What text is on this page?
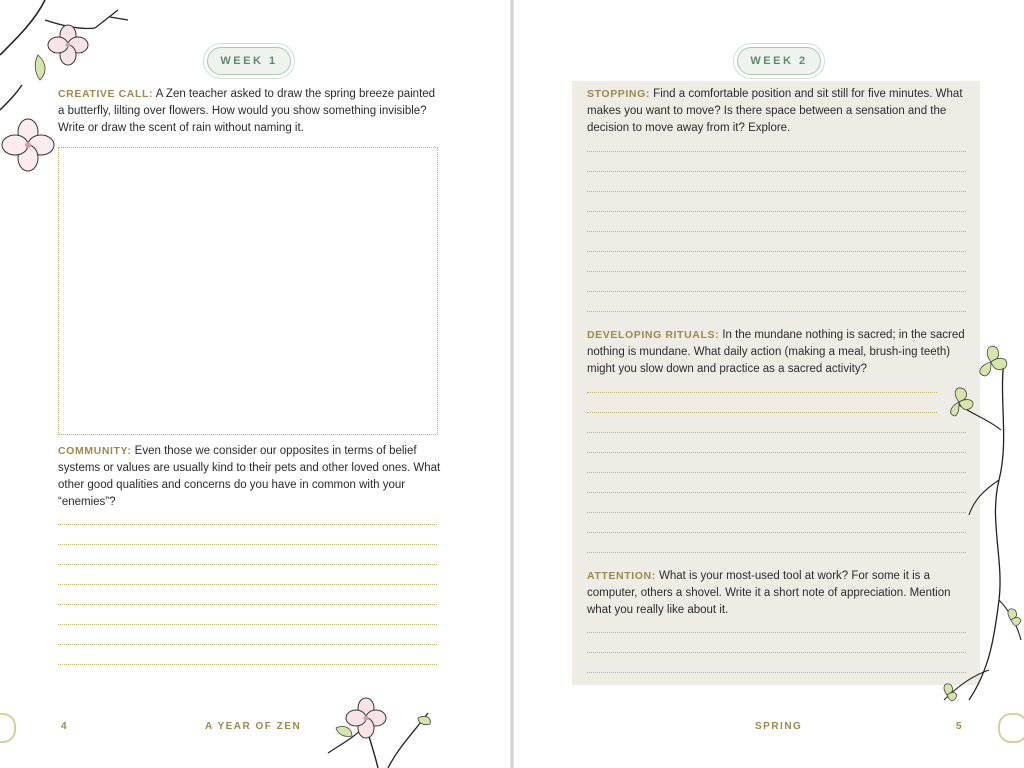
WEEK 1
CREATIVE CALL: A Zen teacher asked to draw the spring breeze painted a butterfly, lilting over flowers. How would you show something invisible? Write or draw the scent of rain without naming it.
COMMUNITY: Even those we consider our opposites in terms of belief systems or values are usually kind to their pets and other loved ones. What other good qualities and concerns do you have in common with your “enemies”?
4	A YEAR OF ZEN
WEEK 2
STOPPING: Find a comfortable position and sit still for five minutes. What makes you want to move? Is there space between a sensation and the decision to move away from it? Explore.
DEVELOPING RITUALS: In the mundane nothing is sacred; in the sacred nothing is mundane. What daily action (making a meal, brush-ing teeth) might you slow down and practice as a sacred activity?
ATTENTION: What is your most-used tool at work? For some it is a computer, others a shovel. Write it a short note of appreciation. Mention what you really like about it.
SPRING	5
